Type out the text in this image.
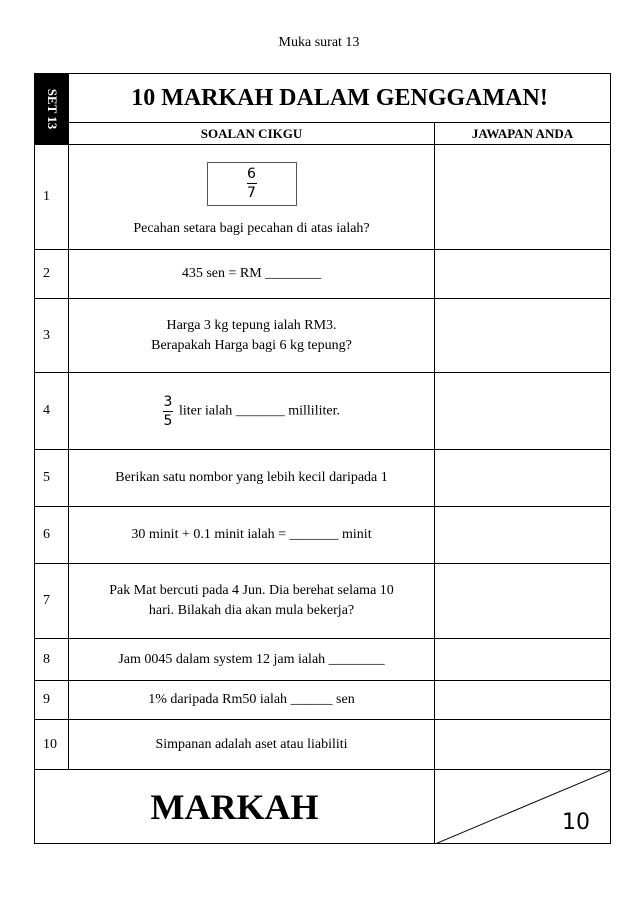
Muka surat 13
SET 13	10 MARKAH DALAM GENGGAMAN!	
	SOALAN CIKGU	JAWAPAN ANDA
1	6
7
Pecahan setara bagi pecahan di atas ialah?	

2	435 sen = RM ________	
3	Harga 3 kg tepung ialah RM3.
Berapakah Harga bagi 6 kg tepung?	

4	$\frac{3}{5}$ liter ialah _______ milliliter.	
5	Berikan satu nombor yang lebih kecil daripada 1	
6	30 minit + 0.1 minit ialah = _______ minit	
7	Pak Mat bercuti pada 4 Jun. Dia berehat selama 10
hari. Bilakah dia akan mula bekerja?	

8	Jam 0045 dalam system 12 jam ialah ________	
9	1% daripada Rm50 ialah ______ sen	
10	Simpanan adalah aset atau liabiliti	
MARKAH		10
